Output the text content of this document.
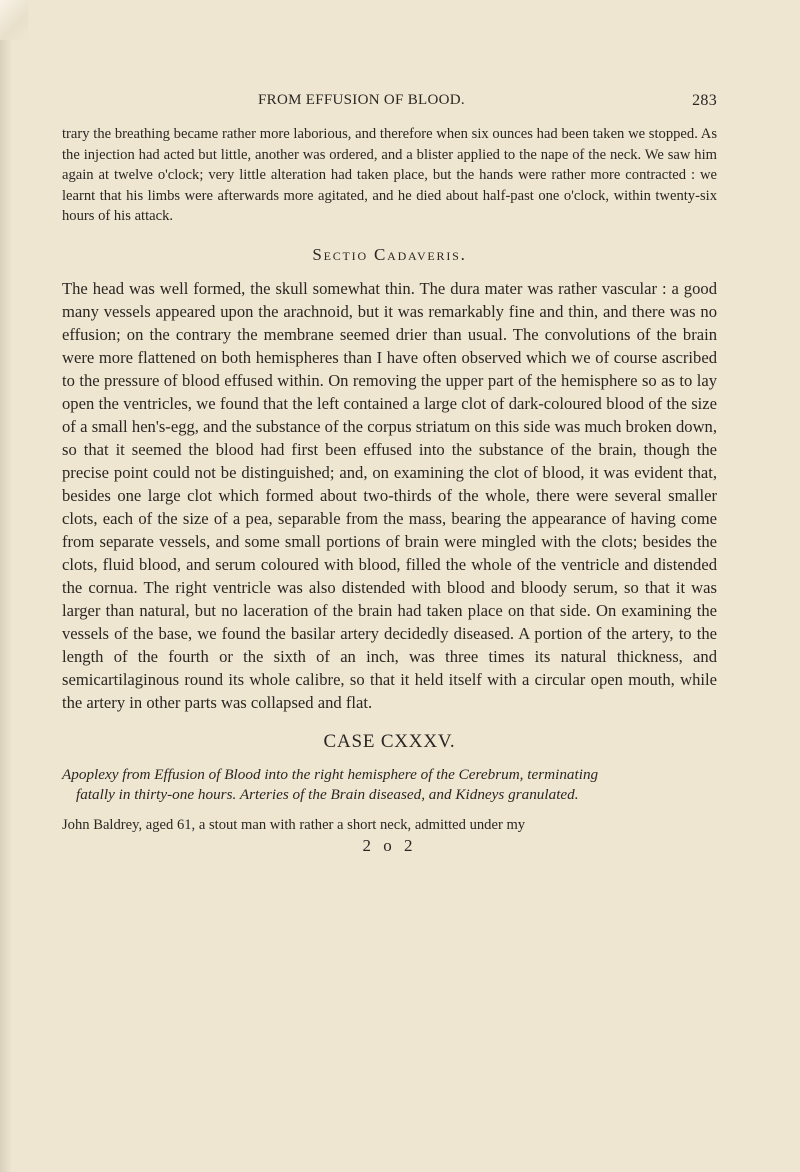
FROM EFFUSION OF BLOOD.	283

trary the breathing became rather more laborious, and therefore when six ounces had been taken we stopped. As the injection had acted but little, another was ordered, and a blister applied to the nape of the neck. We saw him again at twelve o'clock; very little alteration had taken place, but the hands were rather more contracted : we learnt that his limbs were afterwards more agitated, and he died about half-past one o'clock, within twenty-six hours of his attack.

Sectio Cadaveris.

The head was well formed, the skull somewhat thin. The dura mater was rather vascular : a good many vessels appeared upon the arachnoid, but it was remarkably fine and thin, and there was no effusion; on the contrary the membrane seemed drier than usual. The convolutions of the brain were more flattened on both hemispheres than I have often observed which we of course ascribed to the pressure of blood effused within. On removing the upper part of the hemisphere so as to lay open the ventricles, we found that the left contained a large clot of dark-coloured blood of the size of a small hen's-egg, and the substance of the corpus striatum on this side was much broken down, so that it seemed the blood had first been effused into the substance of the brain, though the precise point could not be distinguished; and, on examining the clot of blood, it was evident that, besides one large clot which formed about two-thirds of the whole, there were several smaller clots, each of the size of a pea, separable from the mass, bearing the appearance of having come from separate vessels, and some small portions of brain were mingled with the clots; besides the clots, fluid blood, and serum coloured with blood, filled the whole of the ventricle and distended the cornua. The right ventricle was also distended with blood and bloody serum, so that it was larger than natural, but no laceration of the brain had taken place on that side. On examining the vessels of the base, we found the basilar artery decidedly diseased. A portion of the artery, to the length of the fourth or the sixth of an inch, was three times its natural thickness, and semicartilaginous round its whole calibre, so that it held itself with a circular open mouth, while the artery in other parts was collapsed and flat.

CASE CXXXV.

Apoplexy from Effusion of Blood into the right hemisphere of the Cerebrum, terminating
fatally in thirty-one hours. Arteries of the Brain diseased, and Kidneys granulated.

John Baldrey, aged 61, a stout man with rather a short neck, admitted under my

2 o 2
